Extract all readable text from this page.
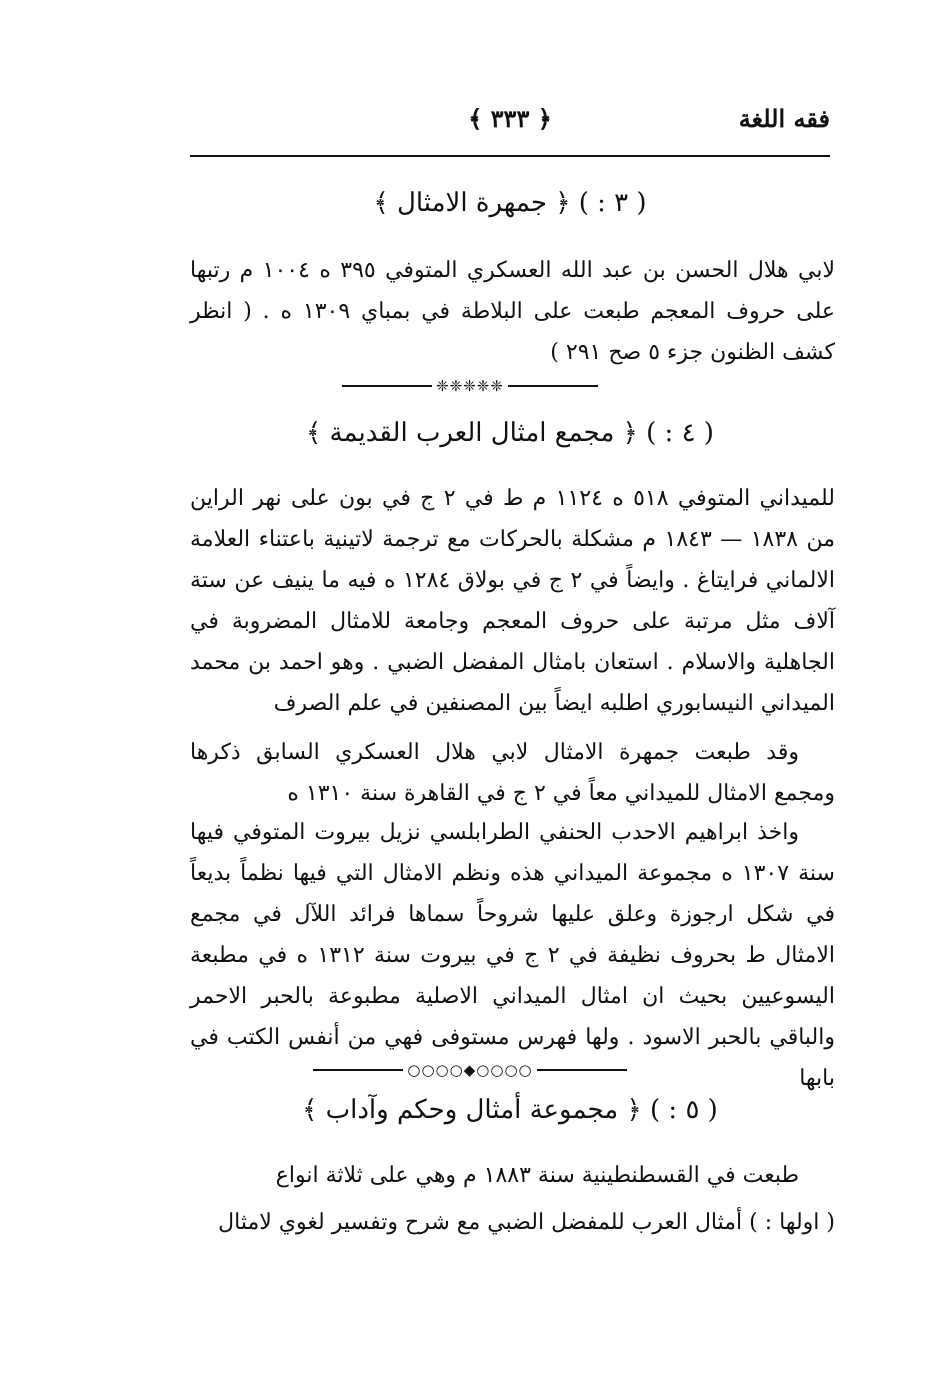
فقه اللغة
﴿ ٣٣٣ ﴾
( ٣ : ) ﴿ جمهرة الامثال ﴾

لابي هلال الحسن بن عبد الله العسكري المتوفي ٣٩٥ ه ١٠٠٤ م رتبها على حروف المعجم طبعت على البلاطة في بمباي ١٣٠٩ ه . ( انظر كشف الظنون جزء ٥ صح ٢٩١ )

❈❈❈❈❈
( ٤ : ) ﴿ مجمع امثال العرب القديمة ﴾

للميداني المتوفي ٥١٨ ه ١١٢٤ م ط في ٢ ج في بون على نهر الراين من ١٨٣٨ — ١٨٤٣ م مشكلة بالحركات مع ترجمة لاتينية باعتناء العلامة الالماني فرايتاغ . وايضاً في ٢ ج في بولاق ١٢٨٤ ه فيه ما ينيف عن ستة آلاف مثل مرتبة على حروف المعجم وجامعة للامثال المضروبة في الجاهلية والاسلام . استعان بامثال المفضل الضبي . وهو احمد بن محمد الميداني النيسابوري اطلبه ايضاً بين المصنفين في علم الصرف

وقد طبعت جمهرة الامثال لابي هلال العسكري السابق ذكرها ومجمع الامثال للميداني معاً في ٢ ج في القاهرة سنة ١٣١٠ ه

واخذ ابراهيم الاحدب الحنفي الطرابلسي نزيل بيروت المتوفي فيها سنة ١٣٠٧ ه مجموعة الميداني هذه ونظم الامثال التي فيها نظماً بديعاً في شكل ارجوزة وعلق عليها شروحاً سماها فرائد اللآل في مجمع الامثال ط بحروف نظيفة في ٢ ج في بيروت سنة ١٣١٢ ه في مطبعة اليسوعيين بحيث ان امثال الميداني الاصلية مطبوعة بالحبر الاحمر والباقي بالحبر الاسود . ولها فهرس مستوفى فهي من أنفس الكتب في بابها

○○○○◆○○○○
( ٥ : ) ﴿ مجموعة أمثال وحكم وآداب ﴾

طبعت في القسطنطينية سنة ١٨٨٣ م وهي على ثلاثة انواع

( اولها : ) أمثال العرب للمفضل الضبي مع شرح وتفسير لغوي لامثال
